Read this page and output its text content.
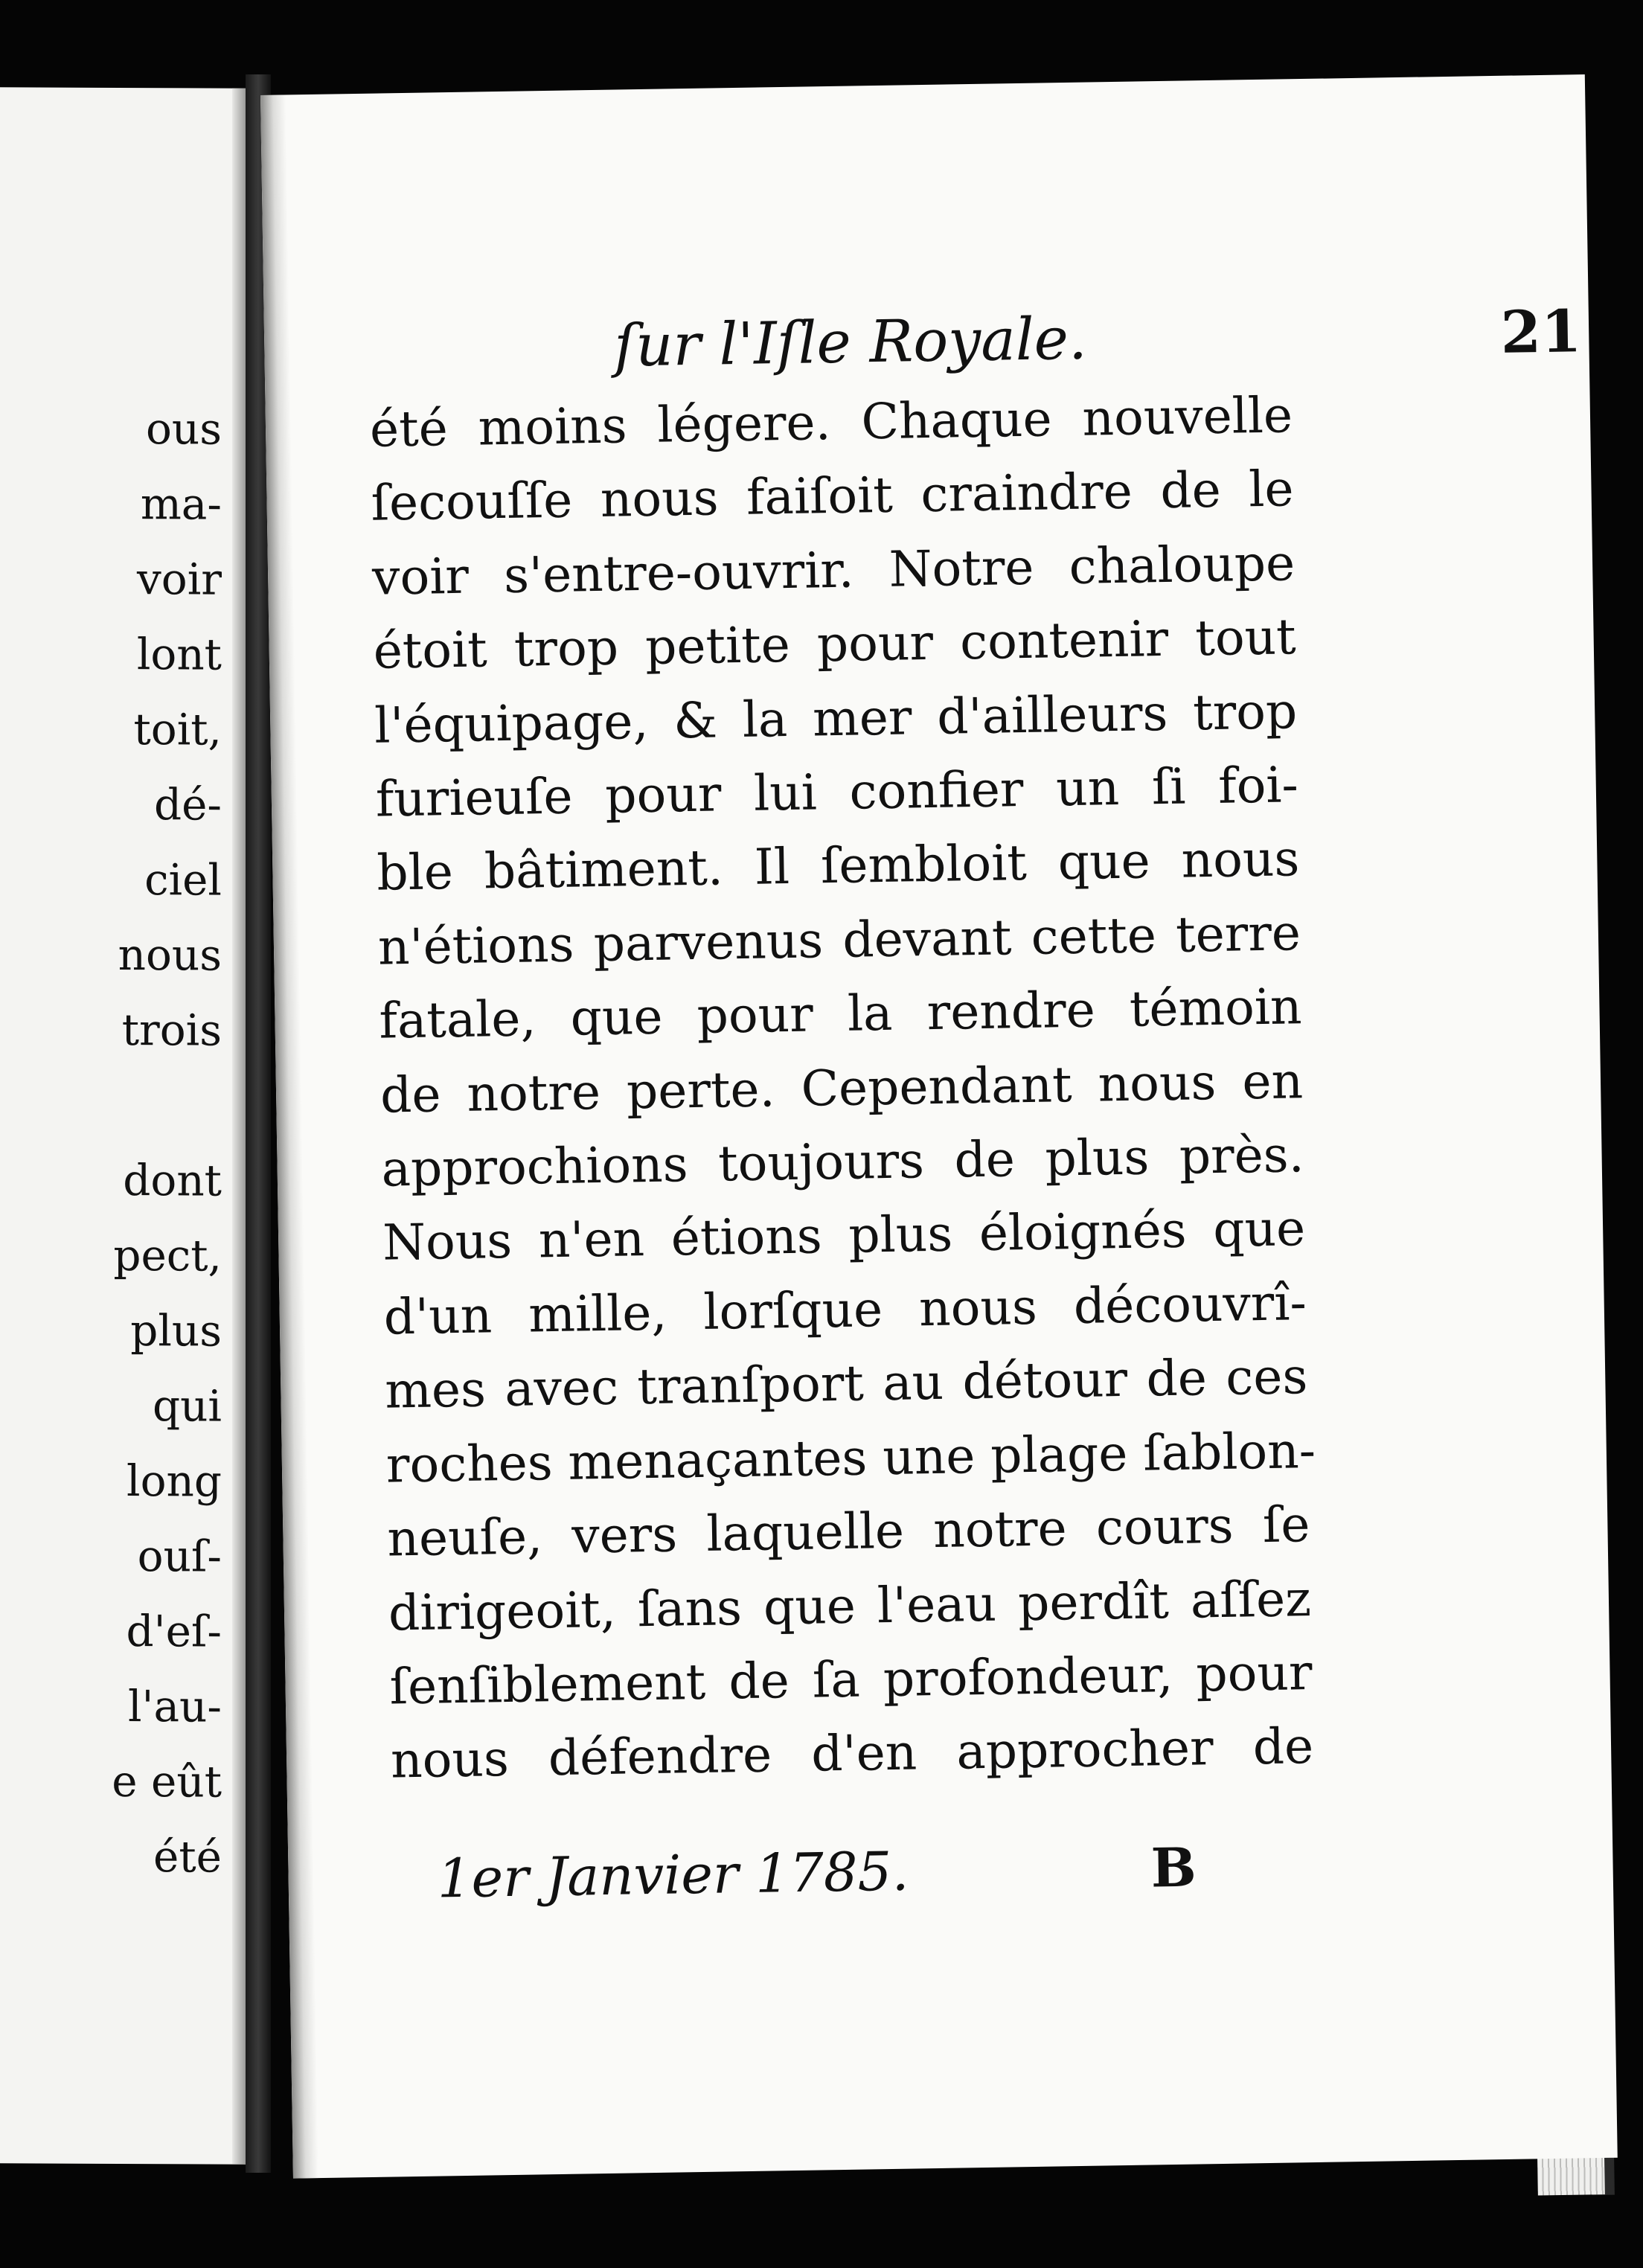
ous
ma-
voir
lont
toit,
dé-
ciel
nous
trois
dont
pect,
plus
qui
long
ouſ-
d'eſ-
l'au-
e eût
été
ſur l'Iſle Royale.	21
été moins légere. Chaque nouvelle
ſecouſſe nous faiſoit craindre de le
voir s'entre-ouvrir. Notre chaloupe
étoit trop petite pour contenir tout
l'équipage, & la mer d'ailleurs trop
furieuſe pour lui confier un ſi foi-
ble bâtiment. Il ſembloit que nous
n'étions parvenus devant cette terre
fatale, que pour la rendre témoin
de notre perte. Cependant nous en
approchions toujours de plus près.
Nous n'en étions plus éloignés que
d'un mille, lorſque nous découvrî-
mes avec tranſport au détour de ces
roches menaçantes une plage ſablon-
neuſe, vers laquelle notre cours ſe
dirigeoit, ſans que l'eau perdît aſſez
ſenſiblement de ſa profondeur, pour
nous défendre d'en approcher de
1er Janvier 1785.	B
